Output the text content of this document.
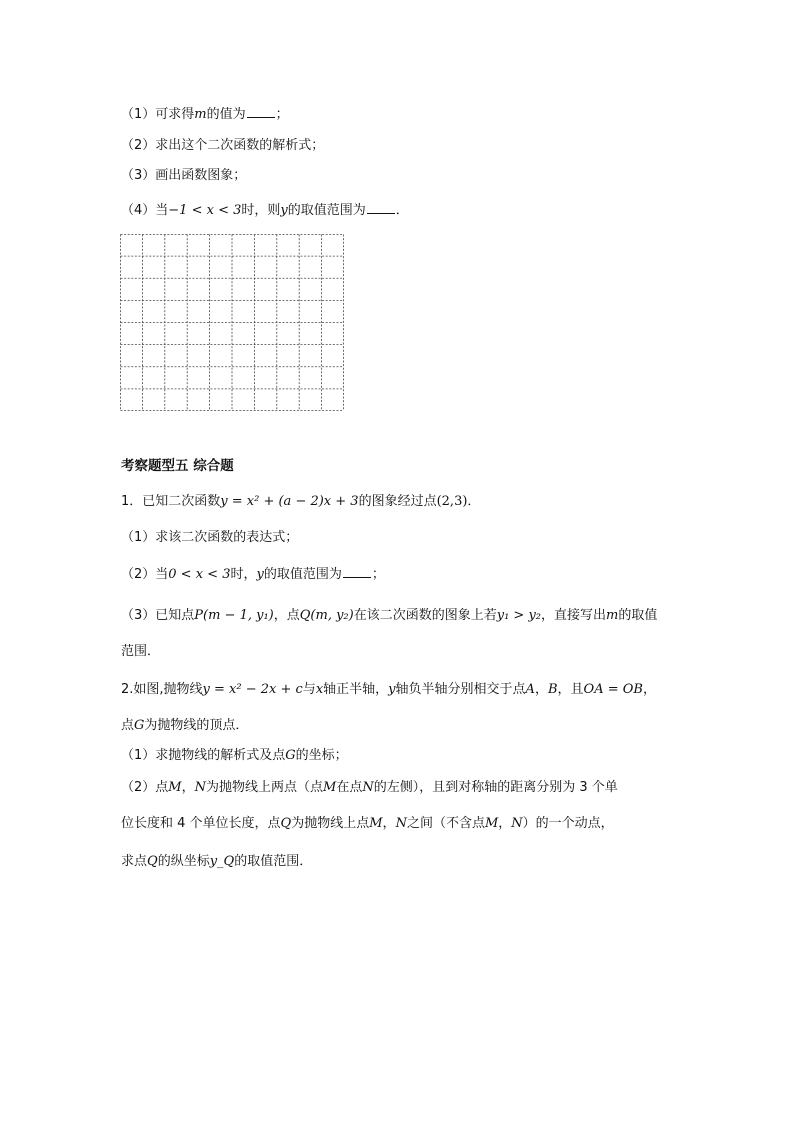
（1）可求得m的值为 ；
（2）求出这个二次函数的解析式；
（3）画出函数图象；
（4）当−1 < x < 3时，则y的取值范围为 ．
考察题型五 综合题
1．已知二次函数y = x² + (a − 2)x + 3的图象经过点(2,3)．
（1）求该二次函数的表达式；
（2）当0 < x < 3时，y的取值范围为 ；
（3）已知点P(m − 1, y₁)，点Q(m, y₂)在该二次函数的图象上若y₁ > y₂，直接写出m的取值
范围．
2.如图,抛物线y = x² − 2x + c与x轴正半轴，y轴负半轴分别相交于点A，B，且OA = OB，
点G为抛物线的顶点．
（1）求抛物线的解析式及点G的坐标；
（2）点M，N为抛物线上两点（点M在点N的左侧），且到对称轴的距离分别为 3 个单
位长度和 4 个单位长度，点Q为抛物线上点M，N之间（不含点M，N）的一个动点，
求点Q的纵坐标y_Q的取值范围．
